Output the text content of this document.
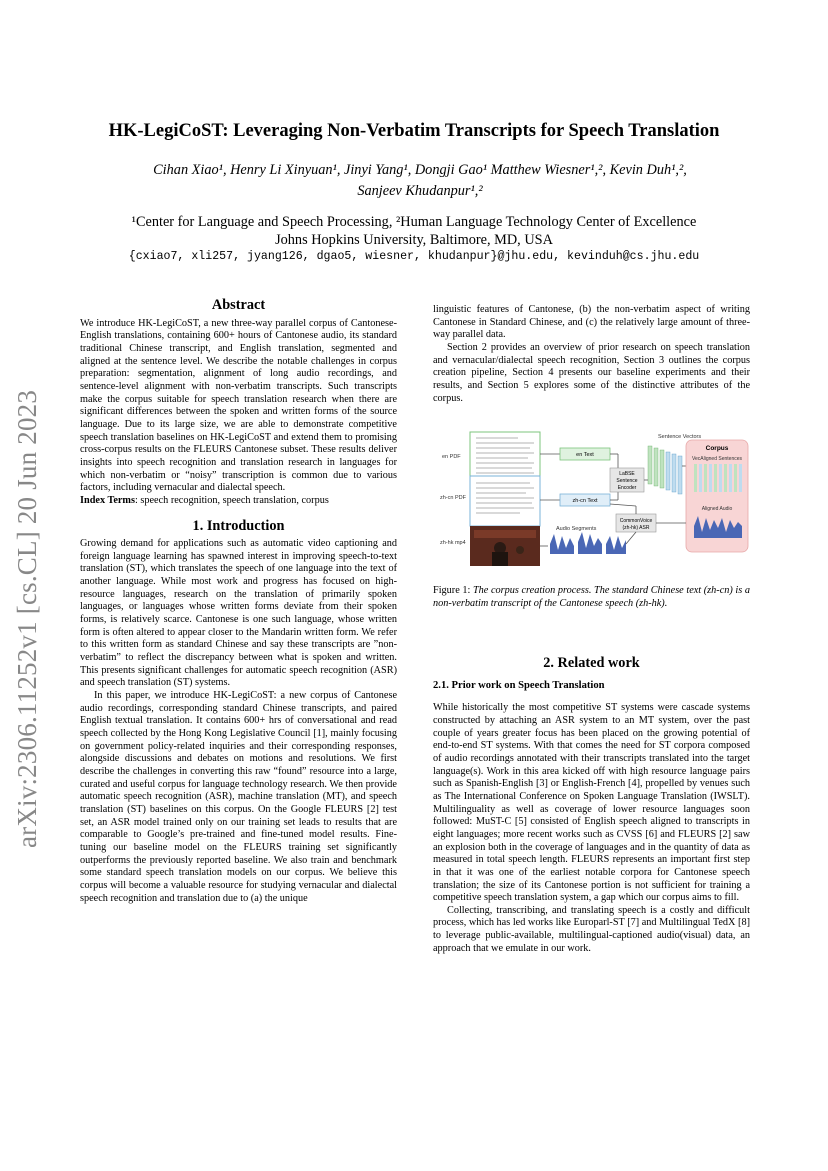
arXiv:2306.11252v1 [cs.CL] 20 Jun 2023
HK-LegiCoST: Leveraging Non-Verbatim Transcripts for Speech Translation
Cihan Xiao¹, Henry Li Xinyuan¹, Jinyi Yang¹, Dongji Gao¹ Matthew Wiesner¹,², Kevin Duh¹,²,
Sanjeev Khudanpur¹,²
¹Center for Language and Speech Processing, ²Human Language Technology Center of Excellence
Johns Hopkins University, Baltimore, MD, USA
{cxiao7, xli257, jyang126, dgao5, wiesner, khudanpur}@jhu.edu, kevinduh@cs.jhu.edu
Abstract

We introduce HK-LegiCoST, a new three-way parallel corpus of Cantonese-English translations, containing 600+ hours of Cantonese audio, its standard traditional Chinese transcript, and English translation, segmented and aligned at the sentence level. We describe the notable challenges in corpus preparation: segmentation, alignment of long audio recordings, and sentence-level alignment with non-verbatim transcripts. Such transcripts make the corpus suitable for speech translation research when there are significant differences between the spoken and written forms of the source language. Due to its large size, we are able to demonstrate competitive speech translation baselines on HK-LegiCoST and extend them to promising cross-corpus results on the FLEURS Cantonese subset. These results deliver insights into speech recognition and translation research in languages for which non-verbatim or “noisy” transcription is common due to various factors, including vernacular and dialectal speech.

Index Terms: speech recognition, speech translation, corpus

1. Introduction

Growing demand for applications such as automatic video captioning and foreign language learning has spawned interest in improving speech-to-text translation (ST), which translates the speech of one language into the text of another language. While most work and progress has focused on high-resource languages, research on the translation of primarily spoken languages, or languages whose written forms deviate from their spoken forms, is relatively scarce. Cantonese is one such language, whose written form is often altered to appear closer to the Mandarin written form. We refer to this written form as standard Chinese and say these transcripts are ”non-verbatim” to reflect the discrepancy between what is spoken and written. This presents significant challenges for automatic speech recognition (ASR) and speech translation (ST) systems.

In this paper, we introduce HK-LegiCoST: a new corpus of Cantonese audio recordings, corresponding standard Chinese transcripts, and paired English textual translation. It contains 600+ hrs of conversational and read speech collected by the Hong Kong Legislative Council [1], mainly focusing on government policy-related inquiries and their corresponding responses, alongside discussions and debates on motions and resolutions. We first describe the challenges in converting this raw “found” resource into a large, curated and useful corpus for language technology research. We then provide automatic speech recognition (ASR), machine translation (MT), and speech translation (ST) baselines on this corpus. On the Google FLEURS [2] test set, an ASR model trained only on our training set leads to results that are comparable to Google’s pre-trained and fine-tuned model results. Fine-tuning our baseline model on the FLEURS training set significantly outperforms the previously reported baseline. We also train and benchmark some standard speech translation models on our corpus. We believe this corpus will become a valuable resource for studying vernacular and dialectal speech recognition and translation due to (a) the unique

linguistic features of Cantonese, (b) the non-verbatim aspect of writing Cantonese in Standard Chinese, and (c) the relatively large amount of three-way parallel data.

Section 2 provides an overview of prior research on speech translation and vernacular/dialectal speech recognition, Section 3 outlines the corpus creation pipeline, Section 4 presents our baseline experiments and their results, and Section 5 explores some of the distinctive attributes of the corpus.

en PDF
zh-cn PDF
zh-hk mp4
en Text
zh-cn Text
LaBSE
Sentence
Encoder
Sentence Vectors
Corpus
VecAligned Sentences
Aligned Audio
Audio Segments
CommonVoice
(zh-hk) ASR
Figure 1: The corpus creation process. The standard Chinese text (zh-cn) is a non-verbatim transcript of the Cantonese speech (zh-hk).
2. Related work
2.1. Prior work on Speech Translation

While historically the most competitive ST systems were cascade systems constructed by attaching an ASR system to an MT system, over the past couple of years greater focus has been placed on the growing potential of end-to-end ST systems. With that comes the need for ST corpora composed of audio recordings annotated with their transcripts translated into the target language(s). Work in this area kicked off with high resource language pairs such as Spanish-English [3] or English-French [4], propelled by venues such as The International Conference on Spoken Language Translation (IWSLT). Multilinguality as well as coverage of lower resource languages soon followed: MuST-C [5] consisted of English speech aligned to transcripts in eight languages; more recent works such as CVSS [6] and FLEURS [2] saw an explosion both in the coverage of languages and in the quantity of data as measured in total speech length. FLEURS represents an important first step in that it was one of the earliest notable corpora for Cantonese speech translation; the size of its Cantonese portion is not sufficient for training a competitive speech translation system, a gap which our corpus aims to fill.

Collecting, transcribing, and translating speech is a costly and difficult process, which has led works like Europarl-ST [7] and Multilingual TedX [8] to leverage public-available, multilingual-captioned audio(visual) data, an approach that we emulate in our work.
